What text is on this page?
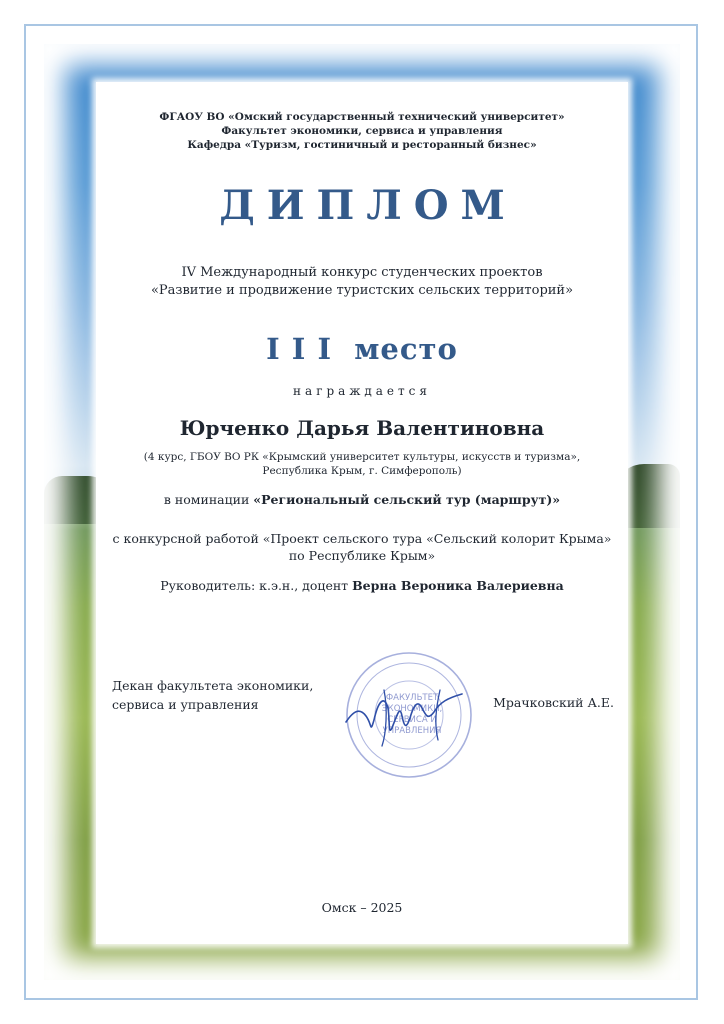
ФГАОУ ВО «Омский государственный технический университет»
Факультет экономики, сервиса и управления
Кафедра «Туризм, гостиничный и ресторанный бизнес»
ДИПЛОМ
IV Международный конкурс студенческих проектов
«Развитие и продвижение туристских сельских территорий»
I I I  место
награждается
Юрченко Дарья Валентиновна
(4 курс, ГБОУ ВО РК «Крымский университет культуры, искусств и туризма»,
Республика Крым, г. Симферополь)
в номинации «Региональный сельский тур (маршрут)»
с конкурсной работой «Проект сельского тура «Сельский колорит Крыма»
по Республике Крым»
Руководитель: к.э.н., доцент Верна Вероника Валериевна
Декан факультета экономики,
сервиса и управления	ФАКУЛЬТЕТ
ЭКОНОМИКИ,
СЕРВИСА И
УПРАВЛЕНИЯ
Мрачковский А.Е.
Омск – 2025
